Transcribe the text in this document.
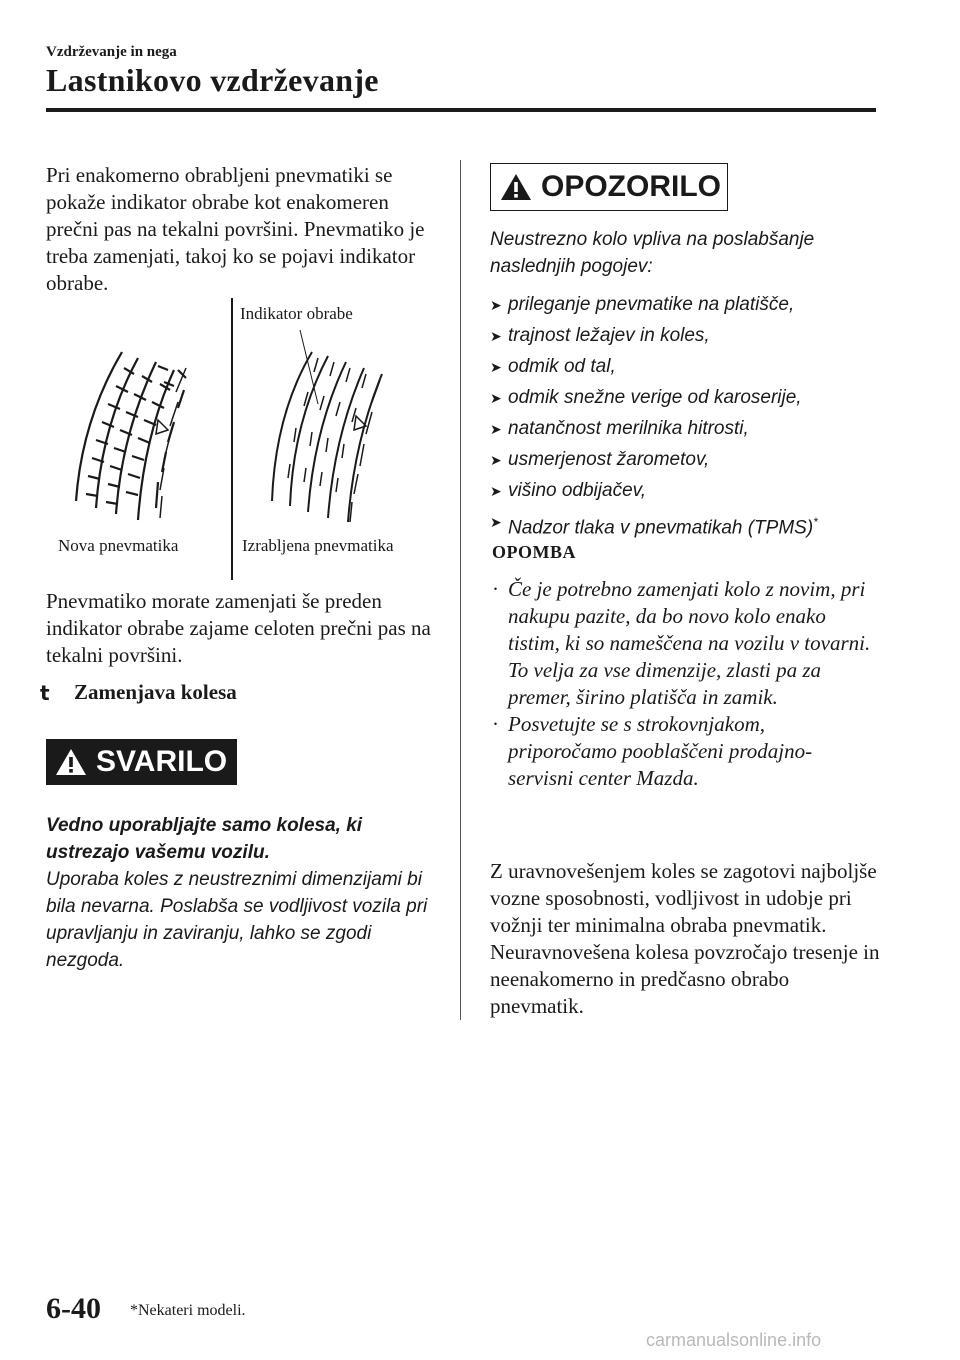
Vzdrževanje in nega
Lastnikovo vzdrževanje
Pri enakomerno obrabljeni pnevmatiki se pokaže indikator obrabe kot enakomeren prečni pas na tekalni površini. Pnevmatiko je treba zamenjati, takoj ko se pojavi indikator obrabe.
Indikator obrabe
Nova pnevmatika	Izrabljena pnevmatika
Pnevmatiko morate zamenjati še preden indikator obrabe zajame celoten prečni pas na tekalni površini.
t	Zamenjava kolesa
SVARILO
Vedno uporabljajte samo kolesa, ki ustrezajo vašemu vozilu.
Uporaba koles z neustreznimi dimenzijami bi bila nevarna. Poslabša se vodljivost vozila pri upravljanju in zaviranju, lahko se zgodi nezgoda.
OPOZORILO
Neustrezno kolo vpliva na poslabšanje naslednjih pogojev:
➤ prileganje pnevmatike na platišče,
➤ trajnost ležajev in koles,
➤ odmik od tal,
➤ odmik snežne verige od karoserije,
➤ natančnost merilnika hitrosti,
➤ usmerjenost žarometov,
➤ višino odbijačev,
➤ Nadzor tlaka v pnevmatikah (TPMS)*
OPOMBA
· Če je potrebno zamenjati kolo z novim, pri nakupu pazite, da bo novo kolo enako tistim, ki so nameščena na vozilu v tovarni. To velja za vse dimenzije, zlasti pa za premer, širino platišča in zamik.
· Posvetujte se s strokovnjakom, priporočamo pooblaščeni prodajno-servisni center Mazda.
Z uravnovešenjem koles se zagotovi najboljše vozne sposobnosti, vodljivost in udobje pri vožnji ter minimalna obraba pnevmatik. Neuravnovešena kolesa povzročajo tresenje in neenakomerno in predčasno obrabo pnevmatik.
6-40 *Nekateri modeli.
carmanualsonline.info
